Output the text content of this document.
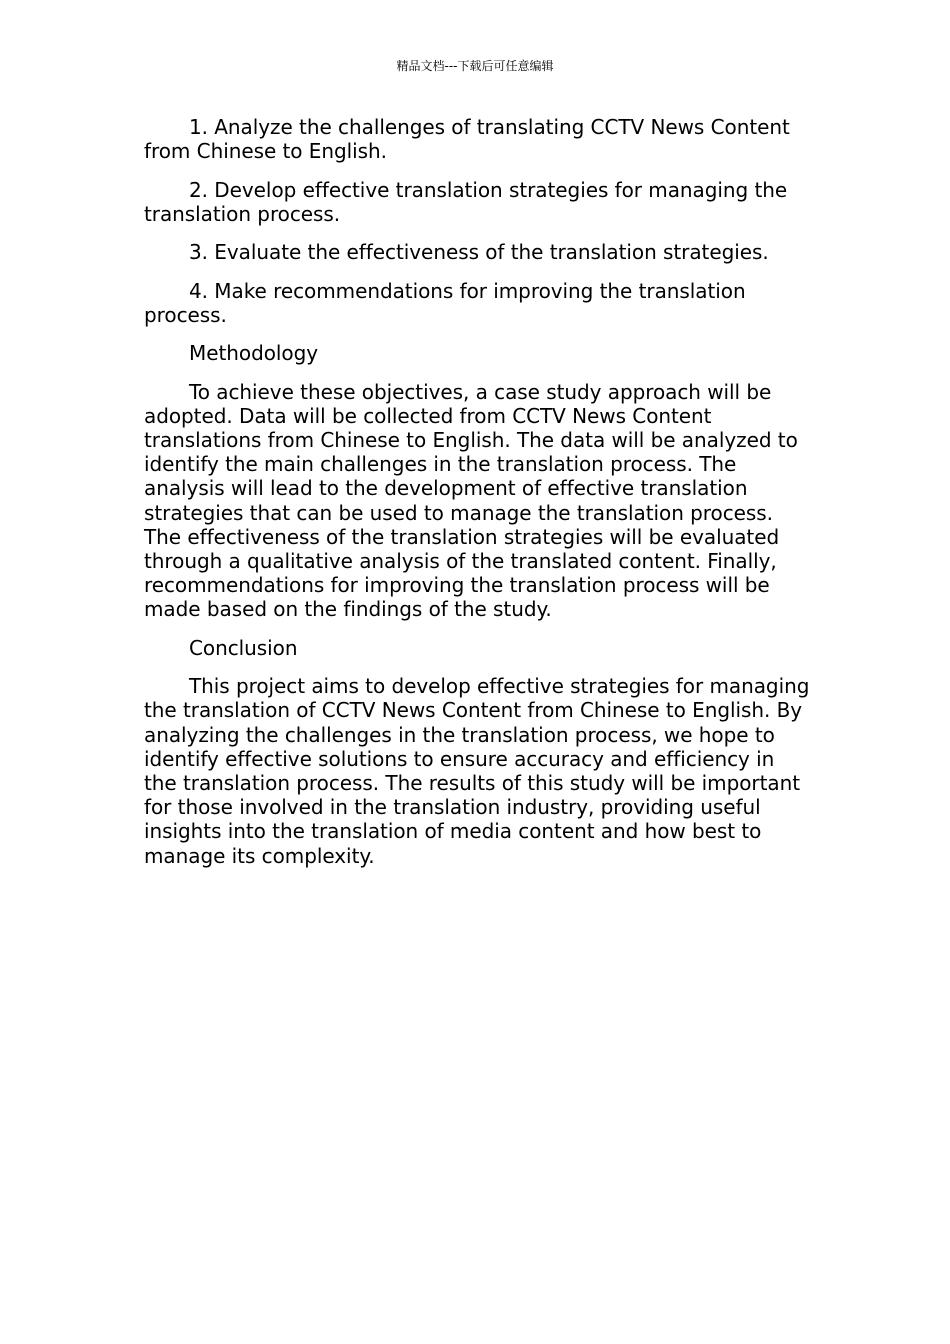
精品文档---下载后可任意编辑

1. Analyze the challenges of translating CCTV News Content from Chinese to English.

2. Develop effective translation strategies for managing the translation process.

3. Evaluate the effectiveness of the translation strategies.

4. Make recommendations for improving the translation process.

Methodology

To achieve these objectives, a case study approach will be adopted. Data will be collected from CCTV News Content translations from Chinese to English. The data will be analyzed to identify the main challenges in the translation process. The analysis will lead to the development of effective translation strategies that can be used to manage the translation process. The effectiveness of the translation strategies will be evaluated through a qualitative analysis of the translated content. Finally, recommendations for improving the translation process will be made based on the findings of the study.

Conclusion

This project aims to develop effective strategies for managing the translation of CCTV News Content from Chinese to English. By analyzing the challenges in the translation process, we hope to identify effective solutions to ensure accuracy and efficiency in the translation process. The results of this study will be important for those involved in the translation industry, providing useful insights into the translation of media content and how best to manage its complexity.
